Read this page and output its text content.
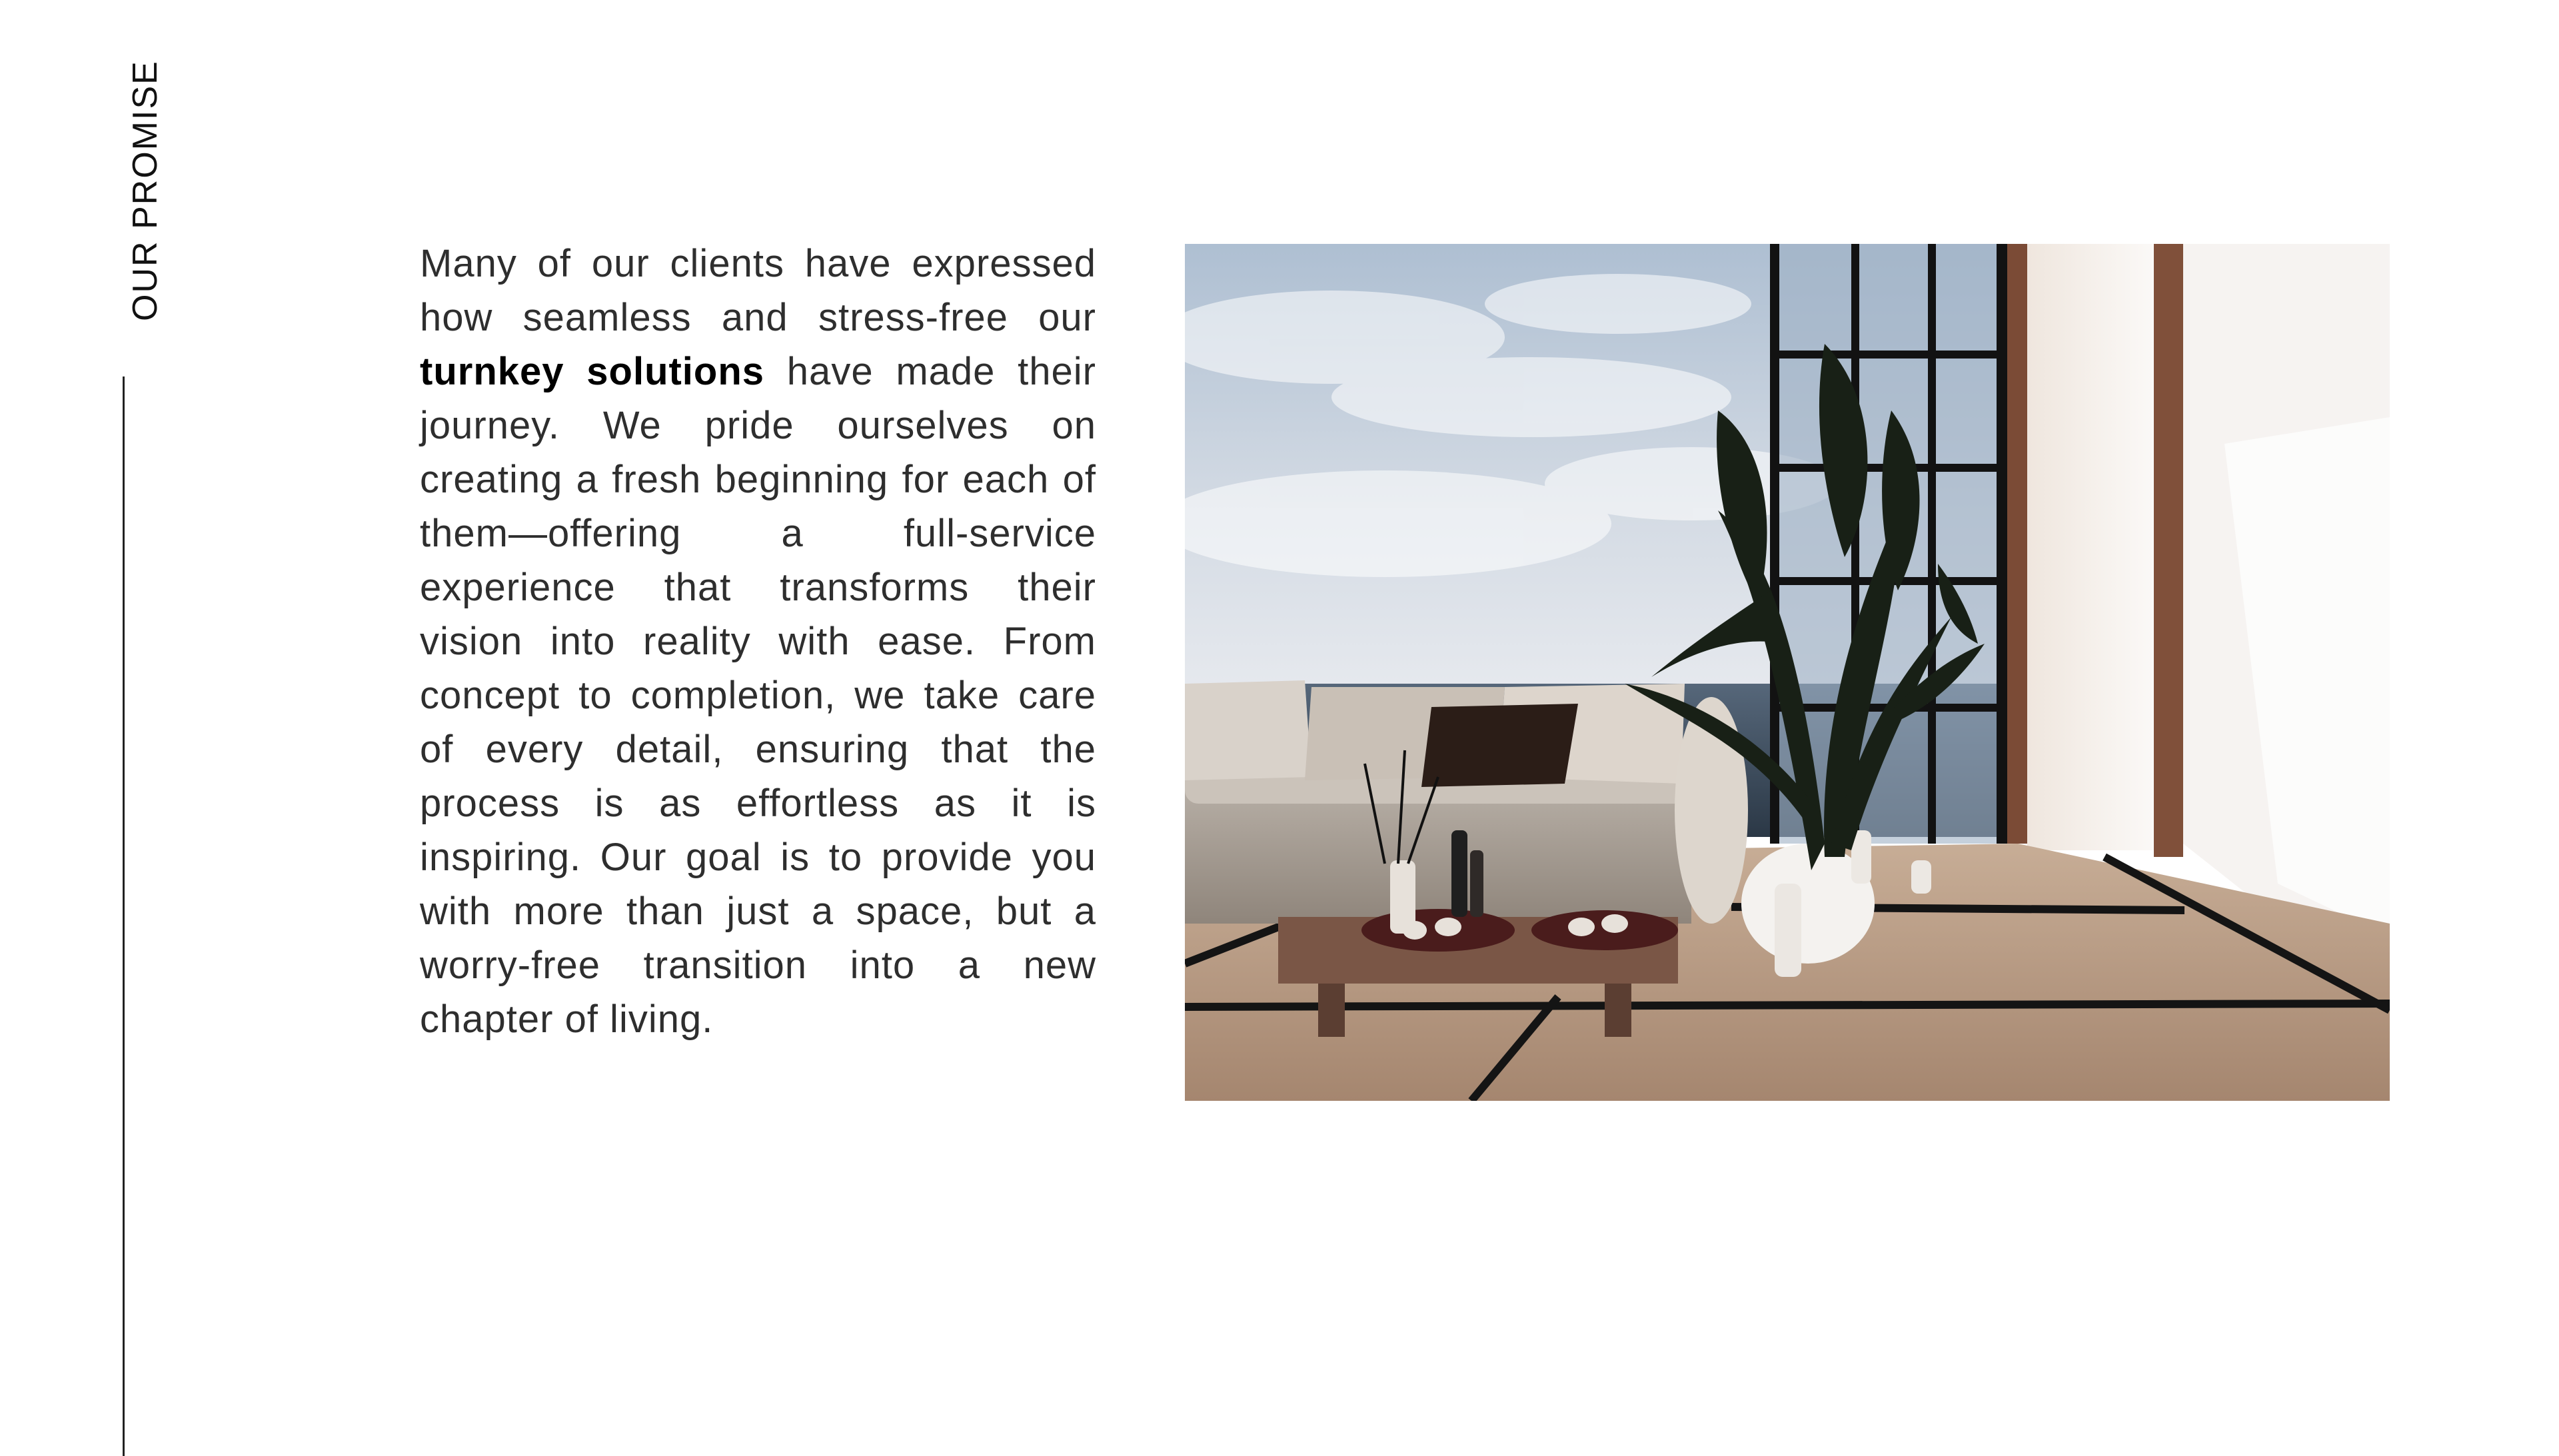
OUR PROMISE	Many of our clients have expressed how seamless and stress-free our turnkey solutions have made their journey. We pride ourselves on creating a fresh beginning for each of them—offering a full-service experience that transforms their vision into reality with ease. From concept to completion, we take care of every detail, ensuring that the process is as effortless as it is inspiring. Our goal is to provide you with more than just a space, but a worry-free transition into a new chapter of living.
